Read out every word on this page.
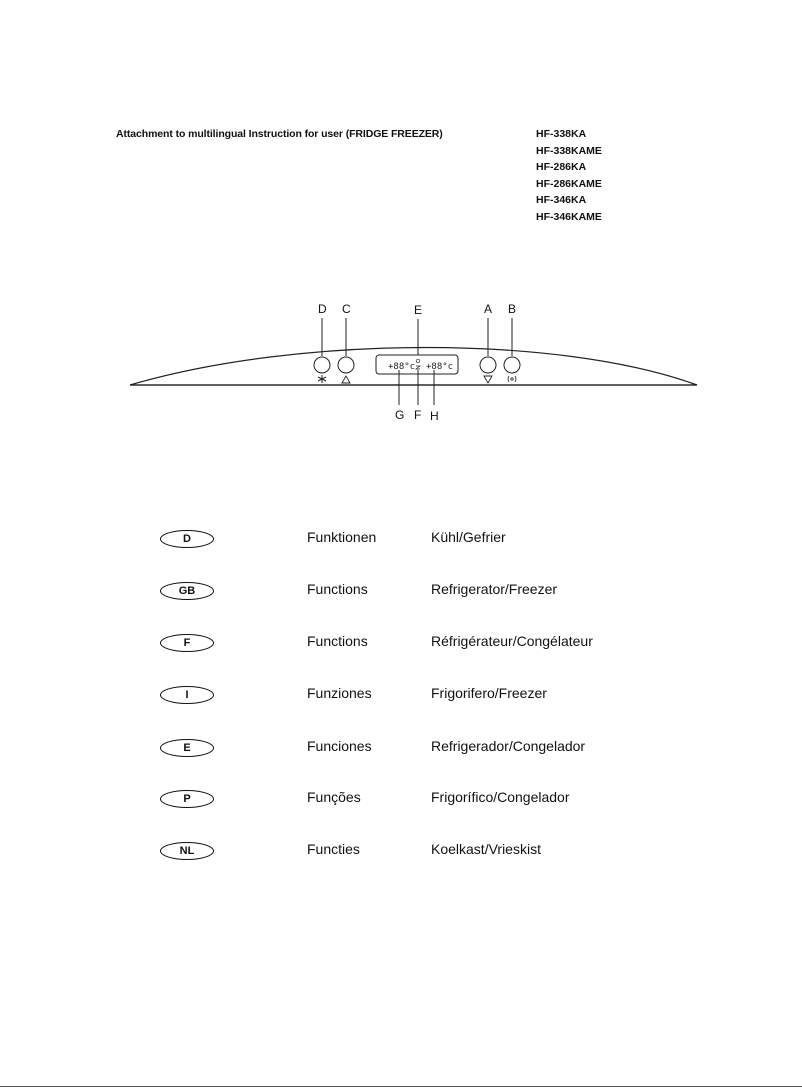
Attachment to multilingual Instruction for user (FRIDGE FREEZER)	HF-338KA
HF-338KAME
HF-286KA
HF-286KAME
HF-346KA
HF-346KAME
D C	E	A B
+88°c +88°c
G F H
D	Funktionen	Kühl/Gefrier
GB	Functions	Refrigerator/Freezer
F	Functions	Réfrigérateur/Congélateur
I	Funziones	Frigorifero/Freezer
E	Funciones	Refrigerador/Congelador
P	Funções	Frigorífico/Congelador
NL	Functies	Koelkast/Vrieskist
